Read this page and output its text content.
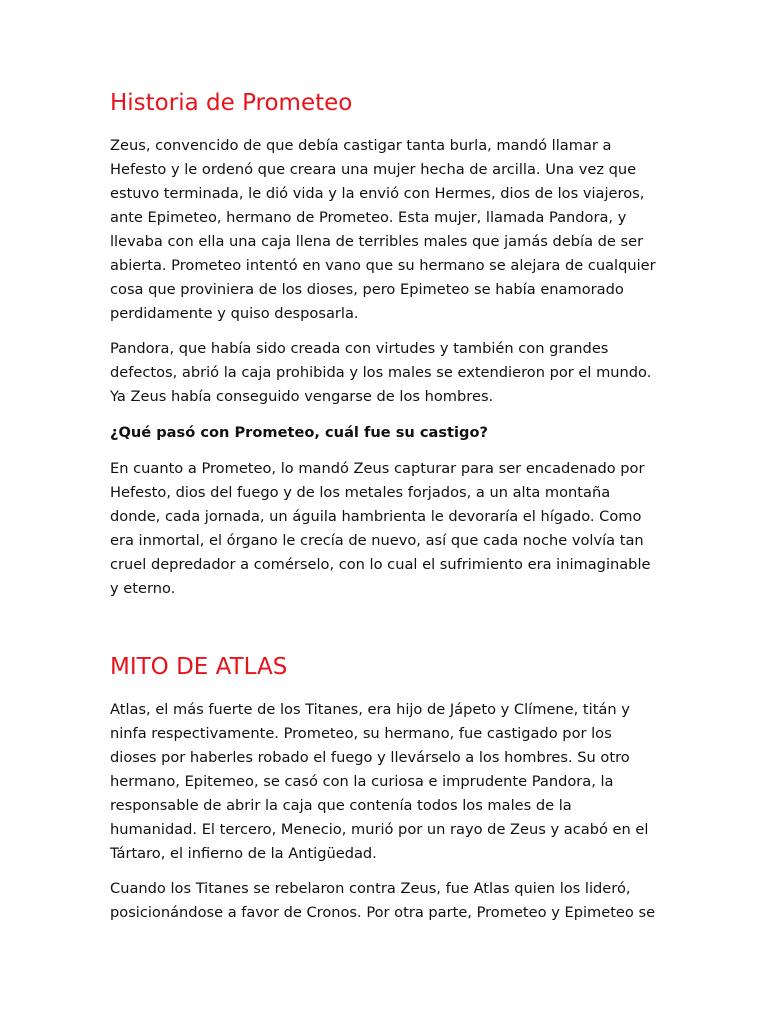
Historia de Prometeo
Zeus, convencido de que debía castigar tanta burla, mandó llamar a
Hefesto y le ordenó que creara una mujer hecha de arcilla. Una vez que
estuvo terminada, le dió vida y la envió con Hermes, dios de los viajeros,
ante Epimeteo, hermano de Prometeo. Esta mujer, llamada Pandora, y
llevaba con ella una caja llena de terribles males que jamás debía de ser
abierta. Prometeo intentó en vano que su hermano se alejara de cualquier
cosa que proviniera de los dioses, pero Epimeteo se había enamorado
perdidamente y quiso desposarla.
Pandora, que había sido creada con virtudes y también con grandes
defectos, abrió la caja prohibida y los males se extendieron por el mundo.
Ya Zeus había conseguido vengarse de los hombres.
¿Qué pasó con Prometeo, cuál fue su castigo?
En cuanto a Prometeo, lo mandó Zeus capturar para ser encadenado por
Hefesto, dios del fuego y de los metales forjados, a un alta montaña
donde, cada jornada, un águila hambrienta le devoraría el hígado. Como
era inmortal, el órgano le crecía de nuevo, así que cada noche volvía tan
cruel depredador a comérselo, con lo cual el sufrimiento era inimaginable
y eterno.
MITO DE ATLAS
Atlas, el más fuerte de los Titanes, era hijo de Jápeto y Clímene, titán y
ninfa respectivamente. Prometeo, su hermano, fue castigado por los
dioses por haberles robado el fuego y llevárselo a los hombres. Su otro
hermano, Epitemeo, se casó con la curiosa e imprudente Pandora, la
responsable de abrir la caja que contenía todos los males de la
humanidad. El tercero, Menecio, murió por un rayo de Zeus y acabó en el
Tártaro, el infierno de la Antigüedad.
Cuando los Titanes se rebelaron contra Zeus, fue Atlas quien los lideró,
posicionándose a favor de Cronos. Por otra parte, Prometeo y Epimeteo se
